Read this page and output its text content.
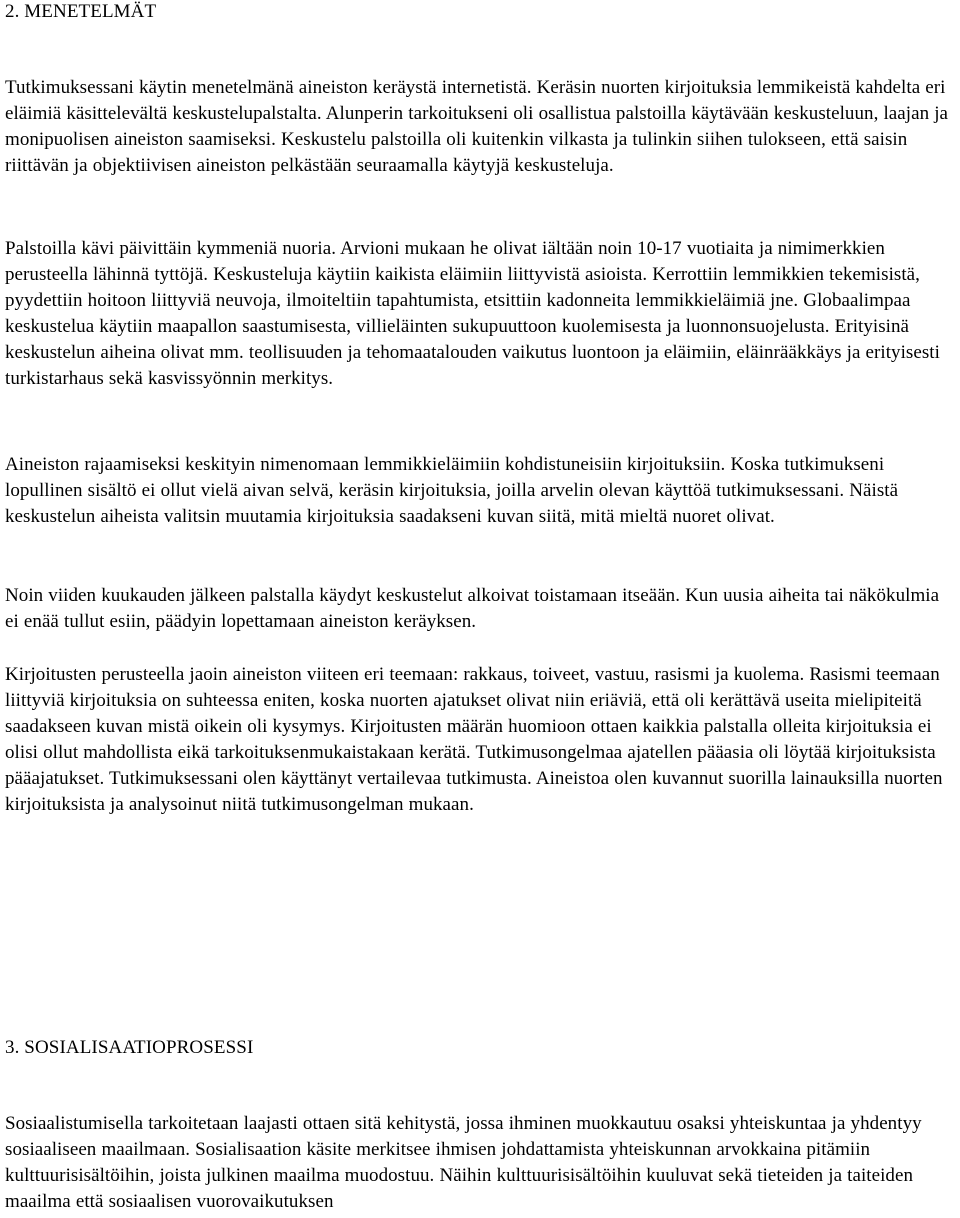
2. MENETELMÄT

Tutkimuksessani käytin menetelmänä aineiston keräystä internetistä. Keräsin nuorten kirjoituksia lemmikeistä kahdelta eri eläimiä käsittelevältä keskustelupalstalta. Alunperin tarkoitukseni oli osallistua palstoilla käytävään keskusteluun, laajan ja monipuolisen aineiston saamiseksi. Keskustelu palstoilla oli kuitenkin vilkasta ja tulinkin siihen tulokseen, että saisin riittävän ja objektiivisen aineiston pelkästään seuraamalla käytyjä keskusteluja.

Palstoilla kävi päivittäin kymmeniä nuoria. Arvioni mukaan he olivat iältään noin 10-17 vuotiaita ja nimimerkkien perusteella lähinnä tyttöjä. Keskusteluja käytiin kaikista eläimiin liittyvistä asioista. Kerrottiin lemmikkien tekemisistä, pyydettiin hoitoon liittyviä neuvoja, ilmoiteltiin tapahtumista, etsittiin kadonneita lemmikkieläimiä jne. Globaalimpaa keskustelua käytiin maapallon saastumisesta, villieläinten sukupuuttoon kuolemisesta ja luonnonsuojelusta. Erityisinä keskustelun aiheina olivat mm. teollisuuden ja tehomaatalouden vaikutus luontoon ja eläimiin, eläinrääkkäys ja erityisesti turkistarhaus sekä kasvissyönnin merkitys.

Aineiston rajaamiseksi keskityin nimenomaan lemmikkieläimiin kohdistuneisiin kirjoituksiin. Koska tutkimukseni lopullinen sisältö ei ollut vielä aivan selvä, keräsin kirjoituksia, joilla arvelin olevan käyttöä tutkimuksessani. Näistä keskustelun aiheista valitsin muutamia kirjoituksia saadakseni kuvan siitä, mitä mieltä nuoret olivat.

Noin viiden kuukauden jälkeen palstalla käydyt keskustelut alkoivat toistamaan itseään. Kun uusia aiheita tai näkökulmia ei enää tullut esiin, päädyin lopettamaan aineiston keräyksen.

Kirjoitusten perusteella jaoin aineiston viiteen eri teemaan: rakkaus, toiveet, vastuu, rasismi ja kuolema. Rasismi teemaan liittyviä kirjoituksia on suhteessa eniten, koska nuorten ajatukset olivat niin eriäviä, että oli kerättävä useita mielipiteitä saadakseen kuvan mistä oikein oli kysymys. Kirjoitusten määrän huomioon ottaen kaikkia palstalla olleita kirjoituksia ei olisi ollut mahdollista eikä tarkoituksenmukaistakaan kerätä. Tutkimusongelmaa ajatellen pääasia oli löytää kirjoituksista pääajatukset. Tutkimuksessani olen käyttänyt vertailevaa tutkimusta. Aineistoa olen kuvannut suorilla lainauksilla nuorten kirjoituksista ja analysoinut niitä tutkimusongelman mukaan.

3. SOSIALISAATIOPROSESSI

Sosiaalistumisella tarkoitetaan laajasti ottaen sitä kehitystä, jossa ihminen muokkautuu osaksi yhteiskuntaa ja yhdentyy sosiaaliseen maailmaan. Sosialisaation käsite merkitsee ihmisen johdattamista yhteiskunnan arvokkaina pitämiin kulttuurisisältöihin, joista julkinen maailma muodostuu. Näihin kulttuurisisältöihin kuuluvat sekä tieteiden ja taiteiden maailma että sosiaalisen vuorovaikutuksen
